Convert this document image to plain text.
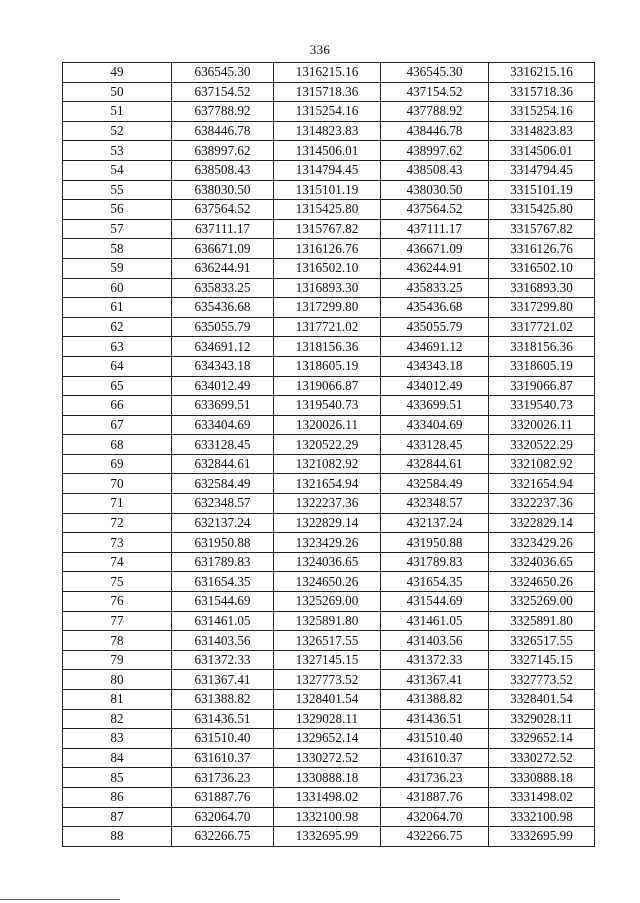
336
49	636545.30	1316215.16	436545.30	3316215.16
50	637154.52	1315718.36	437154.52	3315718.36
51	637788.92	1315254.16	437788.92	3315254.16
52	638446.78	1314823.83	438446.78	3314823.83
53	638997.62	1314506.01	438997.62	3314506.01
54	638508.43	1314794.45	438508.43	3314794.45
55	638030.50	1315101.19	438030.50	3315101.19
56	637564.52	1315425.80	437564.52	3315425.80
57	637111.17	1315767.82	437111.17	3315767.82
58	636671.09	1316126.76	436671.09	3316126.76
59	636244.91	1316502.10	436244.91	3316502.10
60	635833.25	1316893.30	435833.25	3316893.30
61	635436.68	1317299.80	435436.68	3317299.80
62	635055.79	1317721.02	435055.79	3317721.02
63	634691.12	1318156.36	434691.12	3318156.36
64	634343.18	1318605.19	434343.18	3318605.19
65	634012.49	1319066.87	434012.49	3319066.87
66	633699.51	1319540.73	433699.51	3319540.73
67	633404.69	1320026.11	433404.69	3320026.11
68	633128.45	1320522.29	433128.45	3320522.29
69	632844.61	1321082.92	432844.61	3321082.92
70	632584.49	1321654.94	432584.49	3321654.94
71	632348.57	1322237.36	432348.57	3322237.36
72	632137.24	1322829.14	432137.24	3322829.14
73	631950.88	1323429.26	431950.88	3323429.26
74	631789.83	1324036.65	431789.83	3324036.65
75	631654.35	1324650.26	431654.35	3324650.26
76	631544.69	1325269.00	431544.69	3325269.00
77	631461.05	1325891.80	431461.05	3325891.80
78	631403.56	1326517.55	431403.56	3326517.55
79	631372.33	1327145.15	431372.33	3327145.15
80	631367.41	1327773.52	431367.41	3327773.52
81	631388.82	1328401.54	431388.82	3328401.54
82	631436.51	1329028.11	431436.51	3329028.11
83	631510.40	1329652.14	431510.40	3329652.14
84	631610.37	1330272.52	431610.37	3330272.52
85	631736.23	1330888.18	431736.23	3330888.18
86	631887.76	1331498.02	431887.76	3331498.02
87	632064.70	1332100.98	432064.70	3332100.98
88	632266.75	1332695.99	432266.75	3332695.99
